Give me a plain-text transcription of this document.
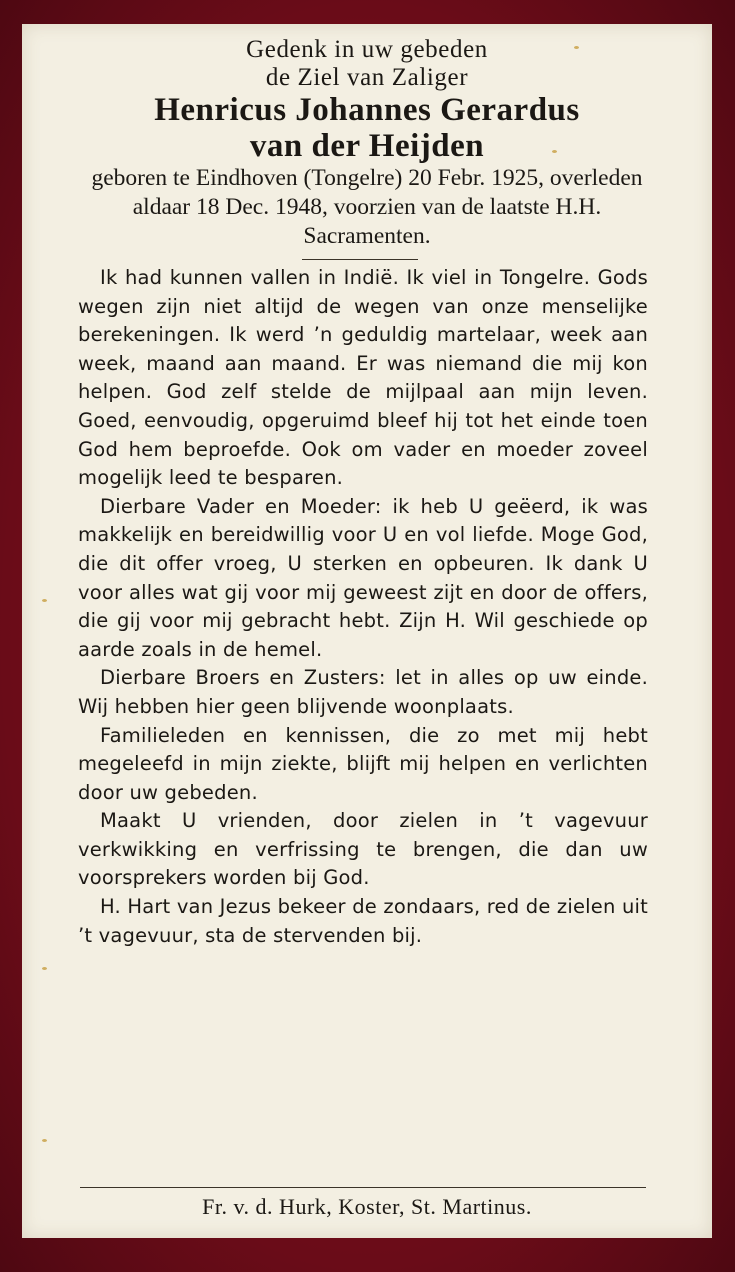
Gedenk in uw gebeden

de Ziel van Zaliger

Henricus Johannes Gerardus

van der Heijden

geboren te Eindhoven (Tongelre) 20 Febr. 1925, overleden aldaar 18 Dec. 1948, voorzien van de laatste H.H. Sacramenten.

Ik had kunnen vallen in Indië. Ik viel in Tongelre. Gods wegen zijn niet altijd de wegen van onze menselijke berekeningen. Ik werd ’n geduldig martelaar, week aan week, maand aan maand. Er was niemand die mij kon helpen. God zelf stelde de mijlpaal aan mijn leven. Goed, eenvoudig, opgeruimd bleef hij tot het einde toen God hem beproefde. Ook om vader en moeder zoveel mogelijk leed te besparen.

Dierbare Vader en Moeder: ik heb U geëerd, ik was makkelijk en bereidwillig voor U en vol liefde. Moge God, die dit offer vroeg, U sterken en opbeuren. Ik dank U voor alles wat gij voor mij geweest zijt en door de offers, die gij voor mij gebracht hebt. Zijn H. Wil geschiede op aarde zoals in de hemel.

Dierbare Broers en Zusters: let in alles op uw einde. Wij hebben hier geen blijvende woonplaats.

Familieleden en kennissen, die zo met mij hebt megeleefd in mijn ziekte, blijft mij helpen en verlichten door uw gebeden.

Maakt U vrienden, door zielen in ’t vagevuur verkwikking en verfrissing te brengen, die dan uw voorsprekers worden bij God.

H. Hart van Jezus bekeer de zondaars, red de zielen uit ’t vagevuur, sta de stervenden bij.

Fr. v. d. Hurk, Koster, St. Martinus.
